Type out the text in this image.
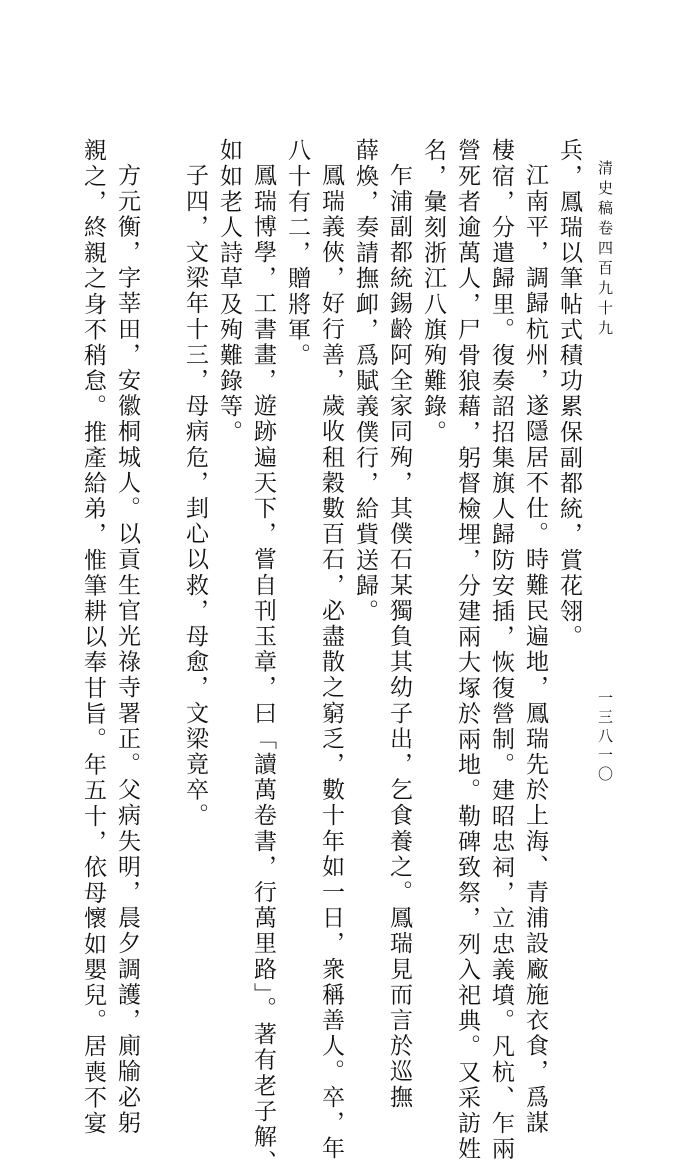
清史稿卷四百九十九
一三八一〇
兵，鳳瑞以筆帖式積功累保副都統，賞花翎。
江南平，調歸杭州，遂隱居不仕。時難民遍地，鳳瑞先於上海、青浦設廠施衣食，爲謀
棲宿，分遣歸里。復奏詔招集旗人歸防安插，恢復營制。建昭忠祠，立忠義墳。凡杭、乍兩
營死者逾萬人，尸骨狼藉，躬督檢埋，分建兩大塚於兩地。勒碑致祭，列入祀典。又采訪姓
名，彙刻浙江八旗殉難錄。
乍浦副都統錫齡阿全家同殉，其僕石某獨負其幼子出，乞食養之。鳳瑞見而言於巡撫
薛煥，奏請撫卹，爲賦義僕行，給貲送歸。
鳳瑞義俠，好行善，歲收租穀數百石，必盡散之窮乏，數十年如一日，衆稱善人。卒，年
八十有二，贈將軍。
鳳瑞博學，工書畫，遊跡遍天下，嘗自刊玉章，曰「讀萬卷書，行萬里路」。著有老子解、
如如老人詩草及殉難錄等。
子四，文梁年十三，母病危，刲心以救，母愈，文梁竟卒。
方元衡，字莘田，安徽桐城人。以貢生官光祿寺署正。父病失明，晨夕調護，廁牏必躬
親之，終親之身不稍怠。推產給弟，惟筆耕以奉甘旨。年五十，依母懷如嬰兒。居喪不宴
